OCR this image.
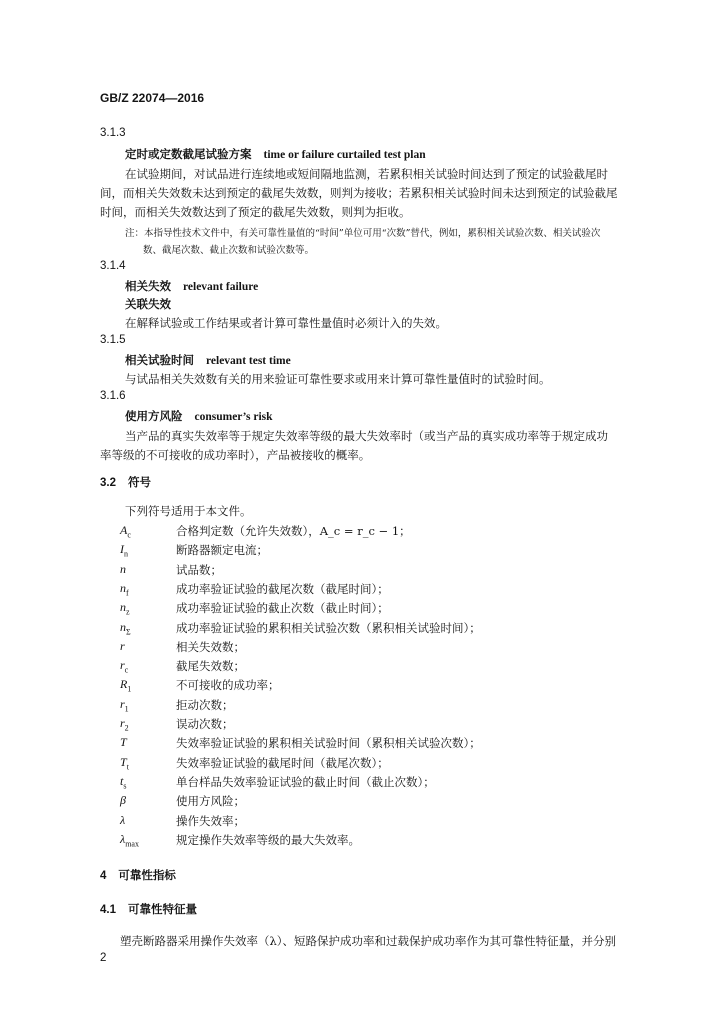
GB/Z 22074—2016
3.1.3
定时或定数截尾试验方案 time or failure curtailed test plan
在试验期间，对试品进行连续地或短间隔地监测，若累积相关试验时间达到了预定的试验截尾时
间，而相关失效数未达到预定的截尾失效数，则判为接收；若累积相关试验时间未达到预定的试验截尾
时间，而相关失效数达到了预定的截尾失效数，则判为拒收。
注：本指导性技术文件中，有关可靠性量值的“时间”单位可用“次数”替代，例如，累积相关试验次数、相关试验次
数、截尾次数、截止次数和试验次数等。
3.1.4
相关失效 relevant failure
关联失效
在解释试验或工作结果或者计算可靠性量值时必须计入的失效。
3.1.5
相关试验时间 relevant test time
与试品相关失效数有关的用来验证可靠性要求或用来计算可靠性量值时的试验时间。
3.1.6
使用方风险 consumer’s risk
当产品的真实失效率等于规定失效率等级的最大失效率时（或当产品的真实成功率等于规定成功
率等级的不可接收的成功率时），产品被接收的概率。
3.2 符号
下列符号适用于本文件。
$A_c$	合格判定数（允许失效数），A_c = r_c − 1；
$I_n$	断路器额定电流；
n	试品数；
$n_f$	成功率验证试验的截尾次数（截尾时间）；
$n_z$	成功率验证试验的截止次数（截止时间）；
$n_\Sigma$	成功率验证试验的累积相关试验次数（累积相关试验时间）；
r	相关失效数；
$r_c$	截尾失效数；
$R_1$	不可接收的成功率；
$r_1$	拒动次数；
$r_2$	误动次数；
T	失效率验证试验的累积相关试验时间（累积相关试验次数）；
$T_t$	失效率验证试验的截尾时间（截尾次数）；
$t_s$	单台样品失效率验证试验的截止时间（截止次数）；
β	使用方风险；
λ	操作失效率；
$\lambda_{max}$	规定操作失效率等级的最大失效率。
4 可靠性指标
4.1 可靠性特征量
塑壳断路器采用操作失效率（λ）、短路保护成功率和过载保护成功率作为其可靠性特征量，并分别
2
